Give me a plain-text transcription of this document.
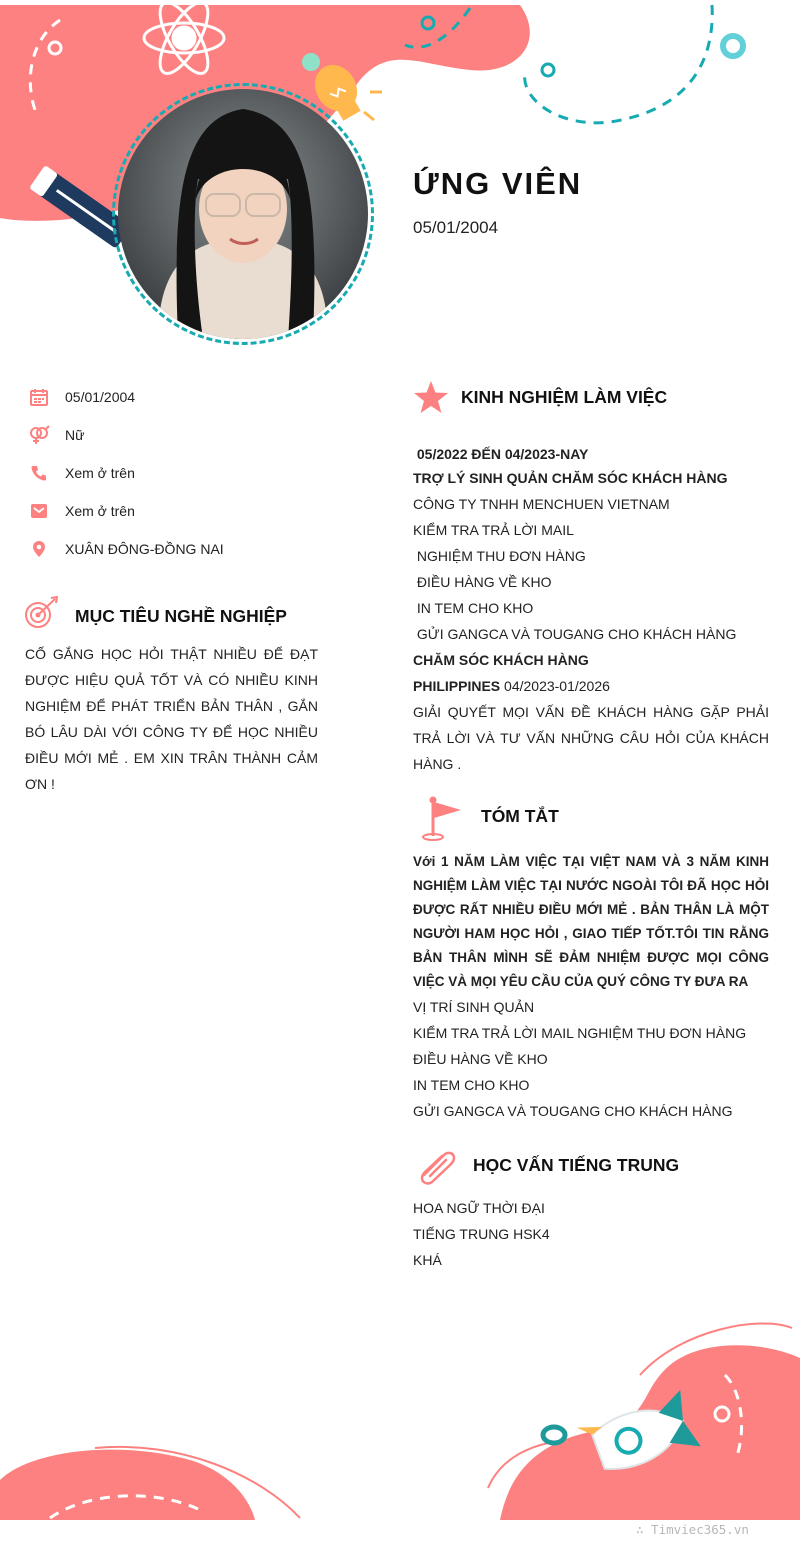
ỨNG VIÊN
05/01/2004
05/01/2004
Nữ
Xem ở trên
Xem ở trên
XUÂN ĐÔNG-ĐỒNG NAI
MỤC TIÊU NGHỀ NGHIỆP
CỐ GẮNG HỌC HỎI THẬT NHIỀU ĐỂ ĐẠT ĐƯỢC HIỆU QUẢ TỐT VÀ CÓ NHIỀU KINH NGHIỆM ĐỂ PHÁT TRIỂN BẢN THÂN , GẮN BÓ LÂU DÀI VỚI CÔNG TY ĐỂ HỌC NHIỀU ĐIỀU MỚI MẺ . EM XIN TRÂN THÀNH CẢM ƠN !
KINH NGHIỆM LÀM VIỆC
05/2022 ĐẾN 04/2023-NAY
TRỢ LÝ SINH QUẢN CHĂM SÓC KHÁCH HÀNG
CÔNG TY TNHH MENCHUEN VIETNAM
KIỂM TRA TRẢ LỜI MAIL
NGHIỆM THU ĐƠN HÀNG
ĐIỀU HÀNG VỀ KHO
IN TEM CHO KHO
GỬI GANGCA VÀ TOUGANG CHO KHÁCH HÀNG
CHĂM SÓC KHÁCH HÀNG
PHILIPPINES 04/2023-01/2026
GIẢI QUYẾT MỌI VẤN ĐỀ KHÁCH HÀNG GẶP PHẢI TRẢ LỜI VÀ TƯ VẤN NHỮNG CÂU HỎI CỦA KHÁCH HÀNG .
TÓM TẮT
Với 1 NĂM LÀM VIỆC TẠI VIỆT NAM VÀ 3 NĂM KINH NGHIỆM LÀM VIỆC TẠI NƯỚC NGOÀI TÔI ĐÃ HỌC HỎI ĐƯỢC RẤT NHIỀU ĐIỀU MỚI MẺ . BẢN THÂN LÀ MỘT NGƯỜI HAM HỌC HỎI , GIAO TIẾP TỐT.TÔI TIN RẰNG BẢN THÂN MÌNH SẼ ĐẢM NHIỆM ĐƯỢC MỌI CÔNG VIỆC VÀ MỌI YÊU CẦU CỦA QUÝ CÔNG TY ĐƯA RA
VỊ TRÍ SINH QUẢN
KIỂM TRA TRẢ LỜI MAIL NGHIỆM THU ĐƠN HÀNG
ĐIỀU HÀNG VỀ KHO
IN TEM CHO KHO
GỬI GANGCA VÀ TOUGANG CHO KHÁCH HÀNG
HỌC VẤN TIẾNG TRUNG
HOA NGỮ THỜI ĐẠI
TIẾNG TRUNG HSK4
KHÁ
∴ Timviec365.vn
